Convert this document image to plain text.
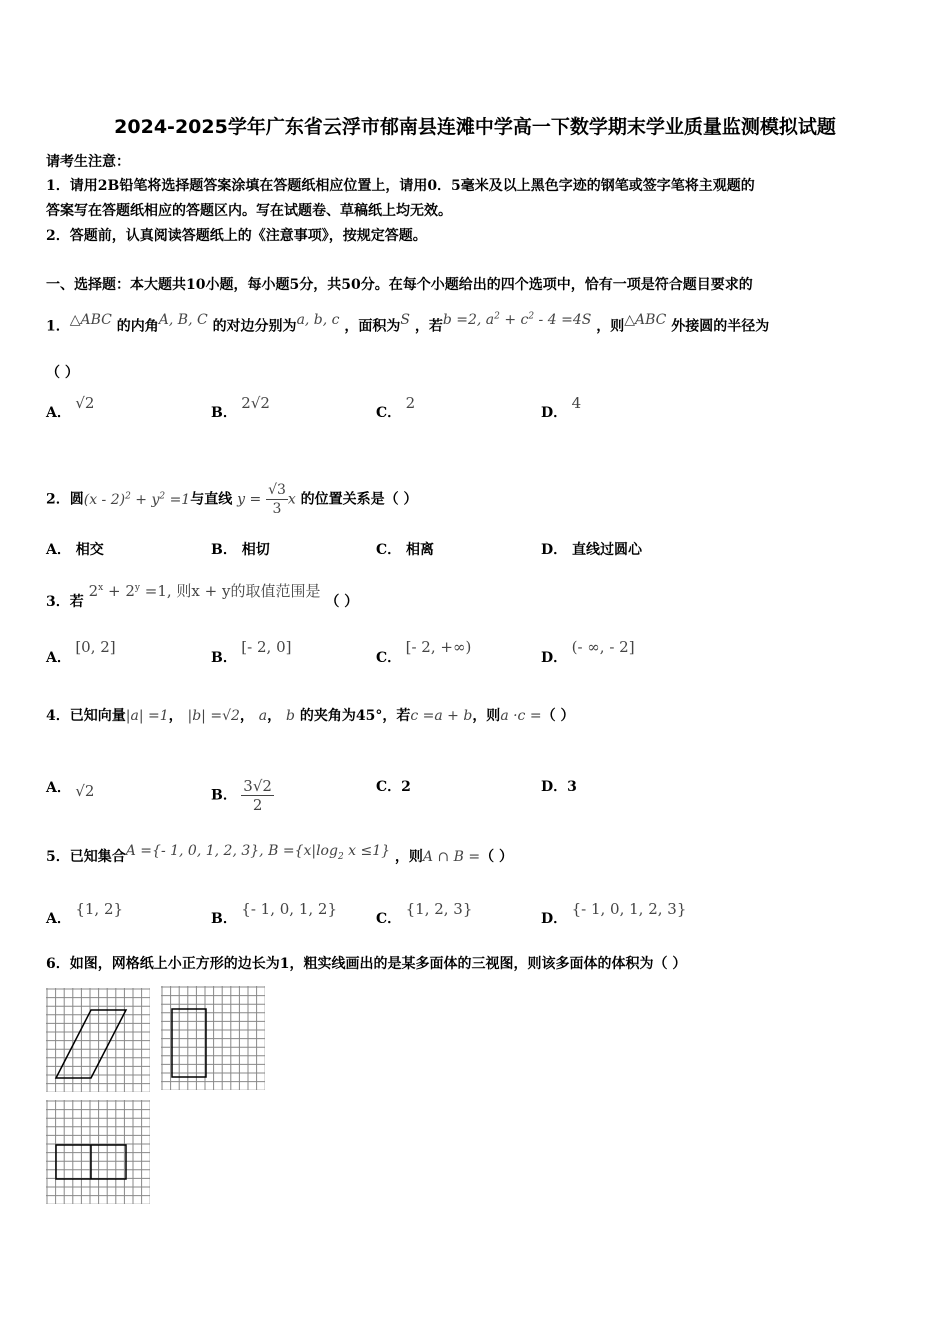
2024-2025学年广东省云浮市郁南县连滩中学高一下数学期末学业质量监测模拟试题
请考生注意：
1．请用2B铅笔将选择题答案涂填在答题纸相应位置上，请用0．5毫米及以上黑色字迹的钢笔或签字笔将主观题的
答案写在答题纸相应的答题区内。写在试题卷、草稿纸上均无效。
2．答题前，认真阅读答题纸上的《注意事项》，按规定答题。
一、选择题：本大题共10小题，每小题5分，共50分。在每个小题给出的四个选项中，恰有一项是符合题目要求的
1．△ABC 的内角A, B, C 的对边分别为a, b, c ，面积为S ，若b =2, $a^2 + c^2 - 4 =4S$ ，则△ABC 外接圆的半径为
（ ）
A． √2
B． 2√2
C． 2
D． 4
2．圆$(x - 2)^2 + y^2 =1$与直线 $y = \frac{√3}{3}$ x 的位置关系是（ ）
A． 相交	B． 相切	C． 相离	D． 直线过圆心
3．若 $2^x + 2^y =1$, 则x + y的取值范围是 （ ）
A． [0, 2]
B． [- 2, 0]
C． [- 2, +∞)
D． (- ∞, - 2]
4．已知向量|a| =1， |b| =√2， a， b 的夹角为45°，若c =a + b，则a ·c =（ ）
A． √2	B． $\frac{3√2}{2}$	C．2	D．3
5．已知集合A ={- 1, 0, 1, 2, 3}, $B =\{x|\log_2$ x ≤1} ，则A ∩ B =（ ）
A． {1, 2}
B． {- 1, 0, 1, 2}
C． {1, 2, 3}
D． {- 1, 0, 1, 2, 3}
6．如图，网格纸上小正方形的边长为1，粗实线画出的是某多面体的三视图，则该多面体的体积为（ ）
